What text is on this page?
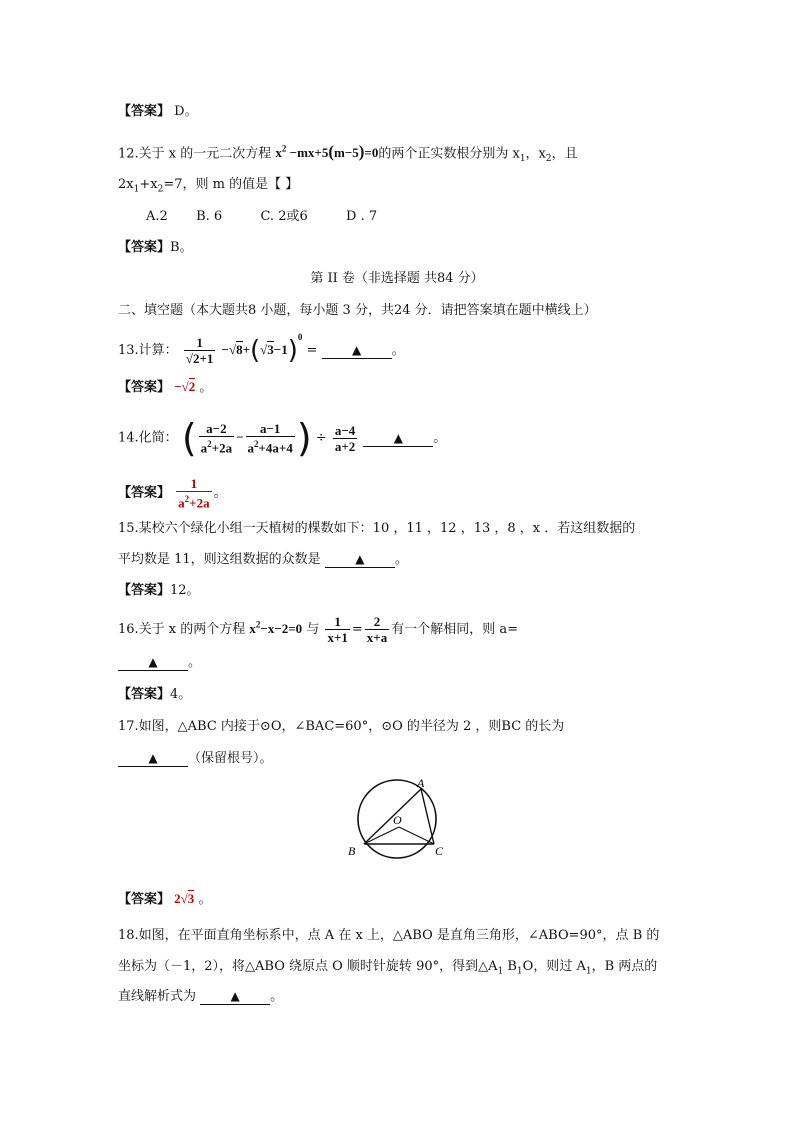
【答案】 D。
12.关于 x 的一元二次方程 $x^2 -mx+5(m-5)=0$的两个正实数根分别为 $x_1$，$x_2$，且
$2x_1+x_2=7$，则 m 的值是【 】
A.2 B. 6	C. 2或6	D . 7
【答案】B。
第 II 卷（非选择题 共84 分）
二、填空题（本大题共8 小题，每小题 3 分，共24 分．请把答案填在题中横线上）
13.计算： $\frac{1}{√2+1} -√8+(√3-1)^0$ =	▲ 。
【答案】 −√2 。
14.化简： ( $\frac{a-2}{a^2+2a} - \frac{a-1}{a^2+4a+4}$ ) ÷ $\frac{a-4}{a+2}$	▲ 。
【答案】 $\frac{1}{a^2+2a}$ 。
15.某校六个绿化小组一天植树的棵数如下：10 ，11 ，12 ，13 ，8 ，x ．若这组数据的
平均数是 11，则这组数据的众数是	▲ 。
【答案】12。
16.关于 x 的两个方程 $x^2-x-2=0$ 与 $\frac{1}{x+1} = \frac{2}{x+a}$ 有一个解相同，则 a=
▲ 。
【答案】4。
17.如图，△ABC 内接于⊙O，∠BAC=60°，⊙O 的半径为 2 ，则BC 的长为
▲ （保留根号）。
A
B	C
O
【答案】 2√3 。
18.如图，在平面直角坐标系中，点 A 在 x 上，△ABO 是直角三角形，∠ABO=90°，点 B 的
坐标为（－1，2），将△ABO 绕原点 O 顺时针旋转 90°，得到$\triangle A_1$ $B_1O$，则过 $A_1$，B 两点的
直线解析式为	▲ 。
